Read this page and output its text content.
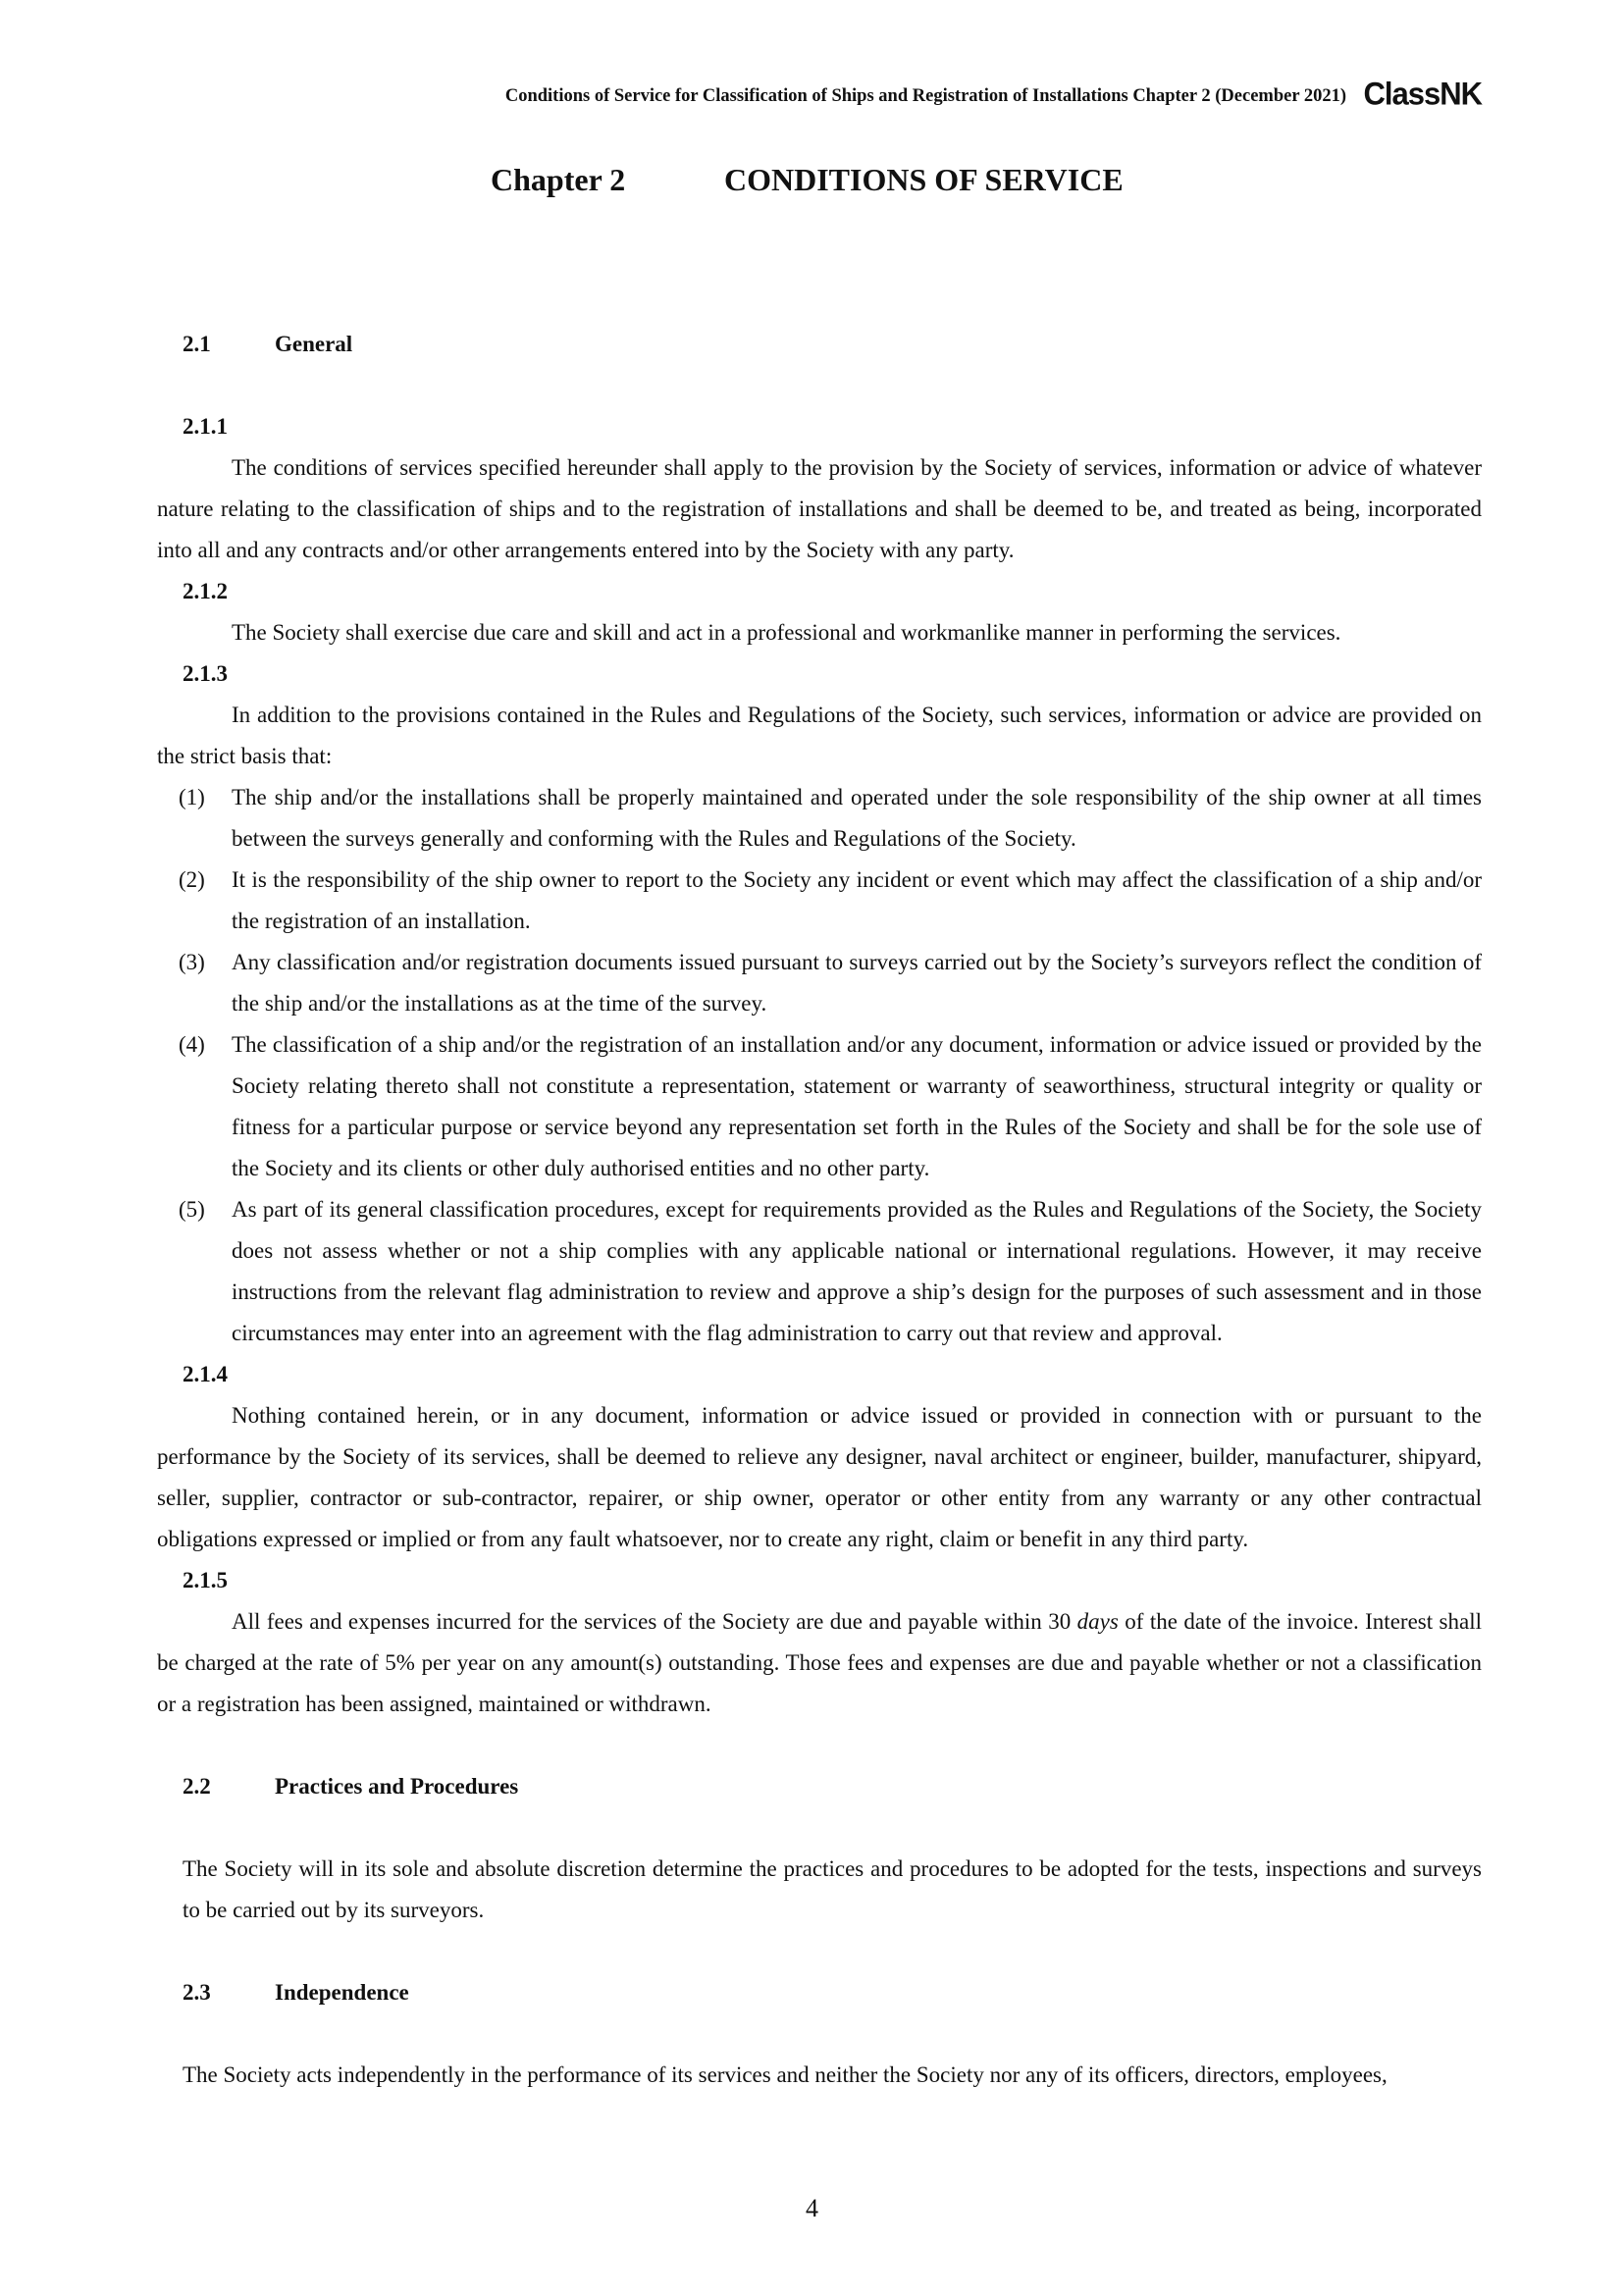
Conditions of Service for Classification of Ships and Registration of Installations Chapter 2 (December 2021) ClassNK
Chapter 2	CONDITIONS OF SERVICE
2.1	General
2.1.1

The conditions of services specified hereunder shall apply to the provision by the Society of services, information or advice of whatever nature relating to the classification of ships and to the registration of installations and shall be deemed to be, and treated as being, incorporated into all and any contracts and/or other arrangements entered into by the Society with any party.

2.1.2

The Society shall exercise due care and skill and act in a professional and workmanlike manner in performing the services.

2.1.3

In addition to the provisions contained in the Rules and Regulations of the Society, such services, information or advice are provided on the strict basis that:

(1) The ship and/or the installations shall be properly maintained and operated under the sole responsibility of the ship owner at all times between the surveys generally and conforming with the Rules and Regulations of the Society.
(2) It is the responsibility of the ship owner to report to the Society any incident or event which may affect the classification of a ship and/or the registration of an installation.
(3) Any classification and/or registration documents issued pursuant to surveys carried out by the Society’s surveyors reflect the condition of the ship and/or the installations as at the time of the survey.
(4) The classification of a ship and/or the registration of an installation and/or any document, information or advice issued or provided by the Society relating thereto shall not constitute a representation, statement or warranty of seaworthiness, structural integrity or quality or fitness for a particular purpose or service beyond any representation set forth in the Rules of the Society and shall be for the sole use of the Society and its clients or other duly authorised entities and no other party.
(5) As part of its general classification procedures, except for requirements provided as the Rules and Regulations of the Society, the Society does not assess whether or not a ship complies with any applicable national or international regulations. However, it may receive instructions from the relevant flag administration to review and approve a ship’s design for the purposes of such assessment and in those circumstances may enter into an agreement with the flag administration to carry out that review and approval.
2.1.4

Nothing contained herein, or in any document, information or advice issued or provided in connection with or pursuant to the performance by the Society of its services, shall be deemed to relieve any designer, naval architect or engineer, builder, manufacturer, shipyard, seller, supplier, contractor or sub-contractor, repairer, or ship owner, operator or other entity from any warranty or any other contractual obligations expressed or implied or from any fault whatsoever, nor to create any right, claim or benefit in any third party.

2.1.5

All fees and expenses incurred for the services of the Society are due and payable within 30 days of the date of the invoice. Interest shall be charged at the rate of 5% per year on any amount(s) outstanding. Those fees and expenses are due and payable whether or not a classification or a registration has been assigned, maintained or withdrawn.

2.2	Practices and Procedures

The Society will in its sole and absolute discretion determine the practices and procedures to be adopted for the tests, inspections and surveys to be carried out by its surveyors.

2.3	Independence

The Society acts independently in the performance of its services and neither the Society nor any of its officers, directors, employees,

4
